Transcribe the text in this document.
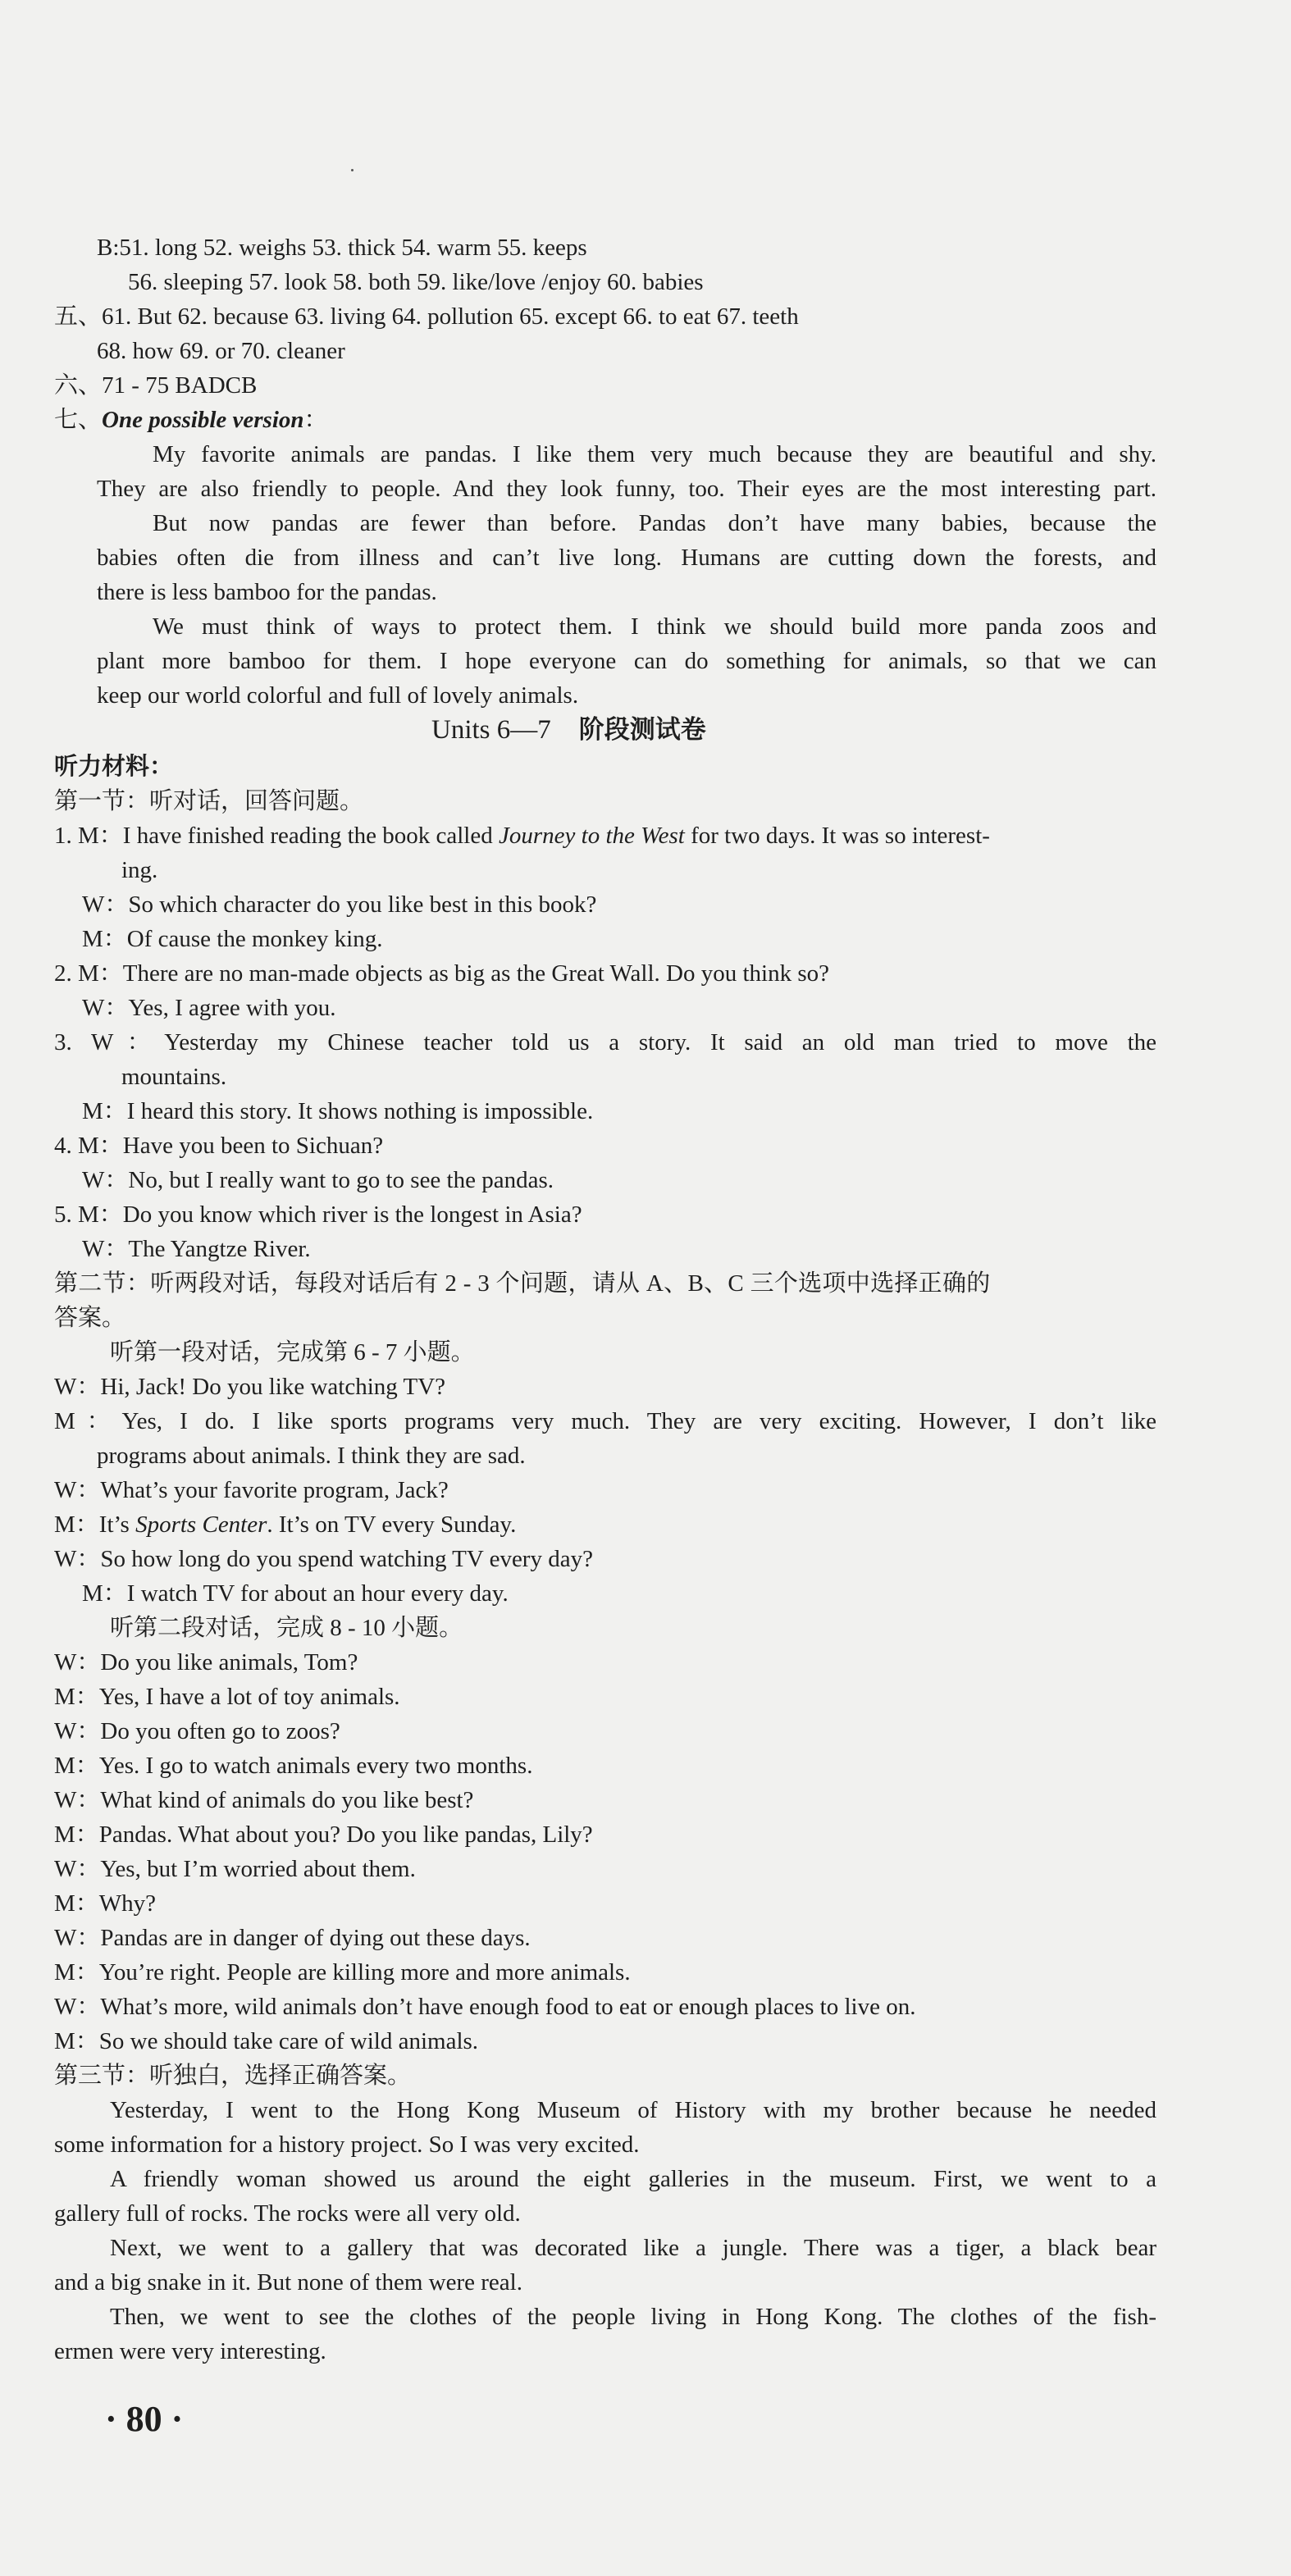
B:51. long 52. weighs 53. thick 54. warm 55. keeps

56. sleeping 57. look 58. both 59. like/love /enjoy 60. babies

五、61. But 62. because 63. living 64. pollution 65. except 66. to eat 67. teeth

68. how 69. or 70. cleaner

六、71 - 75 BADCB

七、One possible version：

My favorite animals are pandas. I like them very much because they are beautiful and shy.

They are also friendly to people. And they look funny, too. Their eyes are the most interesting part.

But now pandas are fewer than before. Pandas don’t have many babies, because the

babies often die from illness and can’t live long. Humans are cutting down the forests, and

there is less bamboo for the pandas.

We must think of ways to protect them. I think we should build more panda zoos and

plant more bamboo for them. I hope everyone can do something for animals, so that we can

keep our world colorful and full of lovely animals.

Units 6—7 阶段测试卷

听力材料：

第一节：听对话，回答问题。

1. M：I have finished reading the book called Journey to the West for two days. It was so interest-

ing.

W：So which character do you like best in this book?

M：Of cause the monkey king.

2. M：There are no man-made objects as big as the Great Wall. Do you think so?

W：Yes, I agree with you.

3. W：Yesterday my Chinese teacher told us a story. It said an old man tried to move the

mountains.

M：I heard this story. It shows nothing is impossible.

4. M：Have you been to Sichuan?

W：No, but I really want to go to see the pandas.

5. M：Do you know which river is the longest in Asia?

W：The Yangtze River.

第二节：听两段对话，每段对话后有 2 - 3 个问题，请从 A、B、C 三个选项中选择正确的

答案。

听第一段对话，完成第 6 - 7 小题。

W：Hi, Jack! Do you like watching TV?

M：Yes, I do. I like sports programs very much. They are very exciting. However, I don’t like

programs about animals. I think they are sad.

W：What’s your favorite program, Jack?

M：It’s Sports Center. It’s on TV every Sunday.

W：So how long do you spend watching TV every day?

M：I watch TV for about an hour every day.

听第二段对话，完成 8 - 10 小题。

W：Do you like animals, Tom?

M：Yes, I have a lot of toy animals.

W：Do you often go to zoos?

M：Yes. I go to watch animals every two months.

W：What kind of animals do you like best?

M：Pandas. What about you? Do you like pandas, Lily?

W：Yes, but I’m worried about them.

M：Why?

W：Pandas are in danger of dying out these days.

M：You’re right. People are killing more and more animals.

W：What’s more, wild animals don’t have enough food to eat or enough places to live on.

M：So we should take care of wild animals.

第三节：听独白，选择正确答案。

Yesterday, I went to the Hong Kong Museum of History with my brother because he needed

some information for a history project. So I was very excited.

A friendly woman showed us around the eight galleries in the museum. First, we went to a

gallery full of rocks. The rocks were all very old.

Next, we went to a gallery that was decorated like a jungle. There was a tiger, a black bear

and a big snake in it. But none of them were real.

Then, we went to see the clothes of the people living in Hong Kong. The clothes of the fish-

ermen were very interesting.

· 80 ·
